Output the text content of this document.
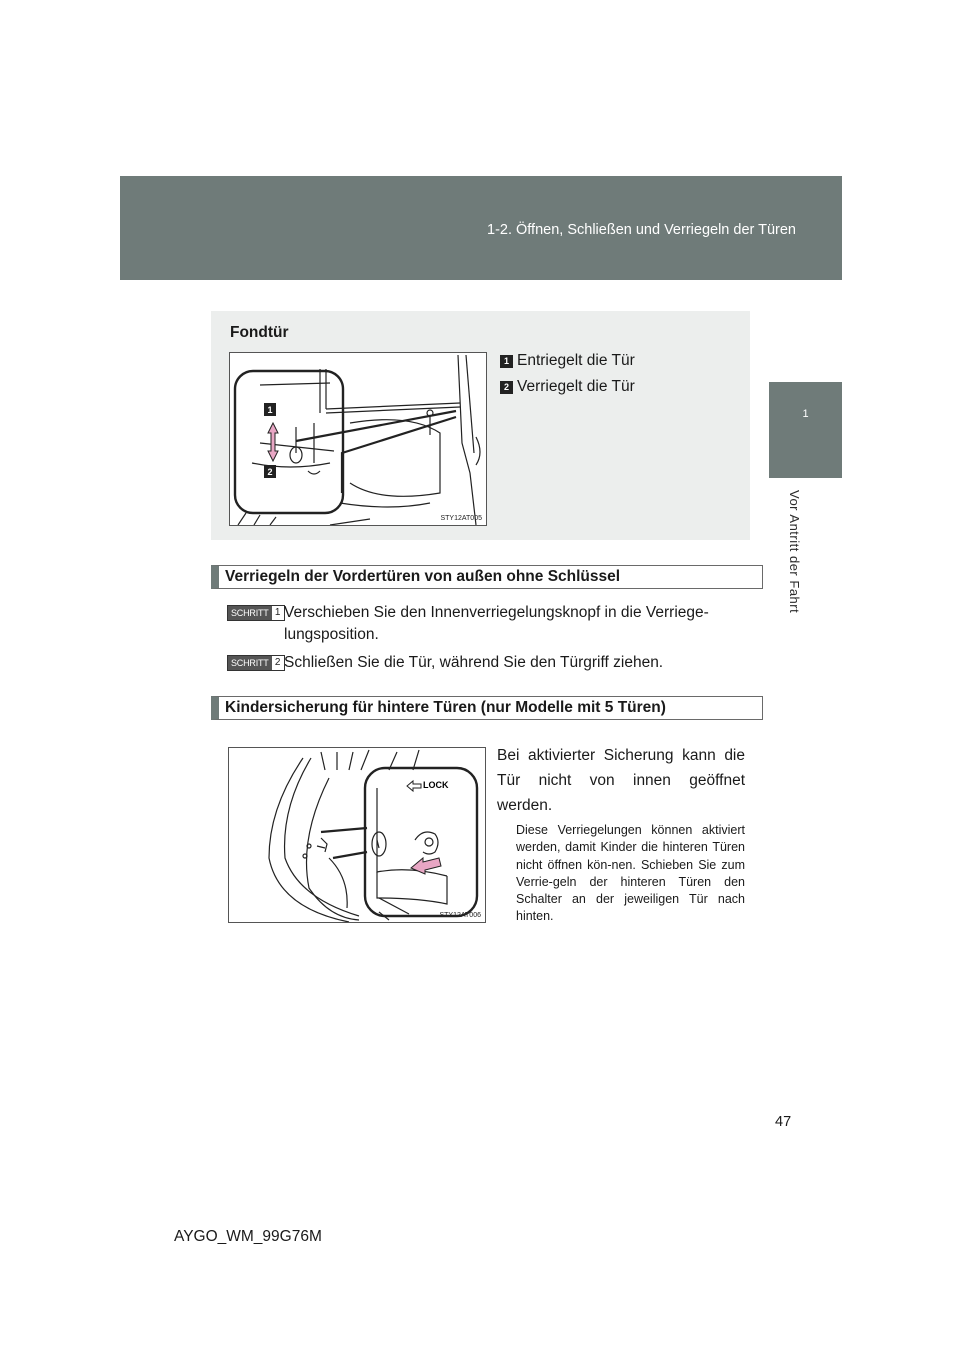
1-2. Öffnen, Schließen und Verriegeln der Türen
1
Vor Antritt der Fahrt
Fondtür
1
2
STY12AT005
1 Entriegelt die Tür
2 Verriegelt die Tür
Verriegeln der Vordertüren von außen ohne Schlüssel
SCHRITT 1 Verschieben Sie den Innenverriegelungsknopf in die Verriege-lungsposition.
SCHRITT 2 Schließen Sie die Tür, während Sie den Türgriff ziehen.
Kindersicherung für hintere Türen (nur Modelle mit 5 Türen)
LOCK
STY12AT006
Bei aktivierter Sicherung kann die Tür nicht von innen geöffnet werden.
Diese Verriegelungen können aktiviert werden, damit Kinder die hinteren Türen nicht öffnen kön-nen. Schieben Sie zum Verrie-geln der hinteren Türen den Schalter an der jeweiligen Tür nach hinten.
47
AYGO_WM_99G76M
